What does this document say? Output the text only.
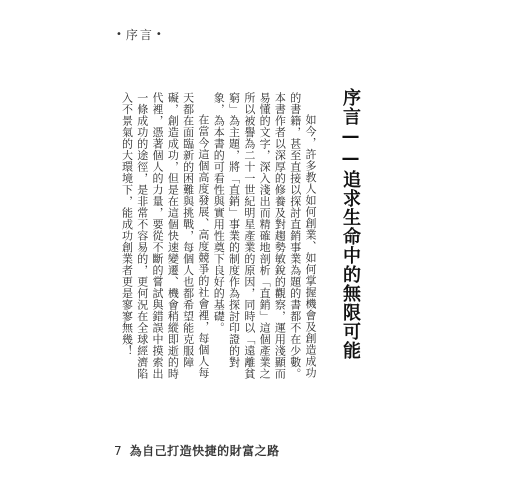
• 序言 •
序言——追求生命中的無限可能

如今，許多教人如何創業、如何掌握機會及創造成功的書籍，甚至直接以探討直銷事業為題的書都不在少數。本書作者以深厚的修養及對趨勢敏銳的觀察，運用淺顯而易懂的文字，深入淺出而精確地剖析「直銷」這個產業之所以被譽為二十一世紀明星產業的原因，同時以「遠離貧窮」為主題，將「直銷」事業的制度作為探討印證的對象，為本書的可看性與實用性奠下良好的基礎。

在當今這個高度發展、高度競爭的社會裡，每個人每天都在面臨新的困難與挑戰，每個人也都希望能克服障礙，創造成功，但是在這個快速變遷、機會稍縱即逝的時代裡，憑著個人的力量，要從不斷的嘗試與錯誤中摸索出一條成功的途徑，是非常不容易的，更何況在全球經濟陷入不景氣的大環境下，能成功創業者更是寥寥無幾！

7 為自己打造快捷的財富之路
